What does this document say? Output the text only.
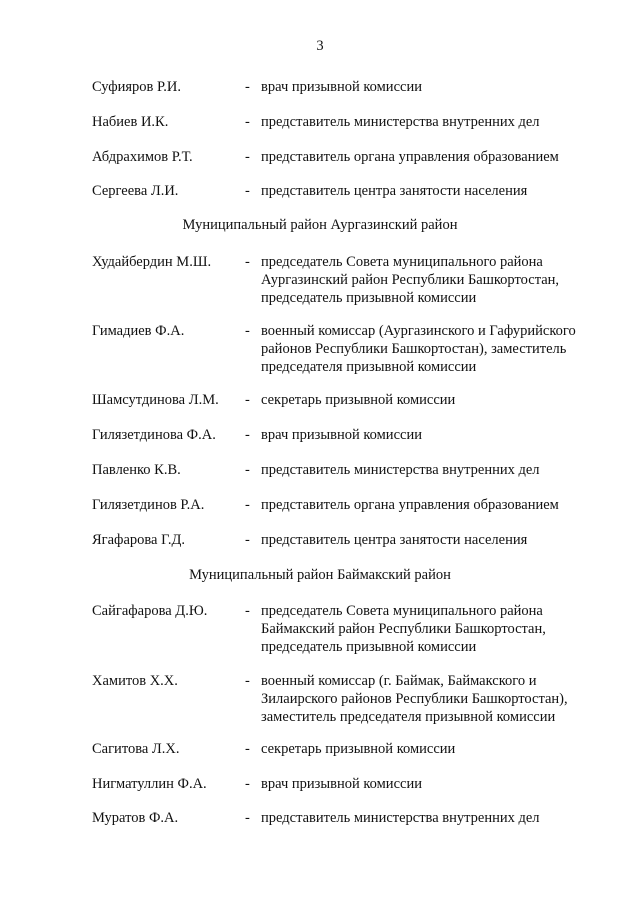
3
Суфияров Р.И.	- врач призывной комиссии
Набиев И.К.	- представитель министерства внутренних дел
Абдрахимов Р.Т.	- представитель органа управления образованием
Сергеева Л.И.	- представитель центра занятости населения
Муниципальный район Аургазинский район
Худайбердин М.Ш. - председатель Совета муниципального района
Аургазинский район Республики Башкортостан,
председатель призывной комиссии
Гимадиев Ф.А.	- военный комиссар (Аургазинского и Гафурийского
районов Республики Башкортостан), заместитель
председателя призывной комиссии
Шамсутдинова Л.М. - секретарь призывной комиссии
Гилязетдинова Ф.А. - врач призывной комиссии
Павленко К.В.	- представитель министерства внутренних дел
Гилязетдинов Р.А.	- представитель органа управления образованием
Ягафарова Г.Д.	- представитель центра занятости населения
Муниципальный район Баймакский район
Сайгафарова Д.Ю.	- председатель Совета муниципального района
Баймакский район Республики Башкортостан,
председатель призывной комиссии
Хамитов Х.Х.	- военный комиссар (г. Баймак, Баймакского и
Зилаирского районов Республики Башкортостан),
заместитель председателя призывной комиссии
Сагитова Л.Х.	- секретарь призывной комиссии
Нигматуллин Ф.А.	- врач призывной комиссии
Муратов Ф.А.	- представитель министерства внутренних дел
